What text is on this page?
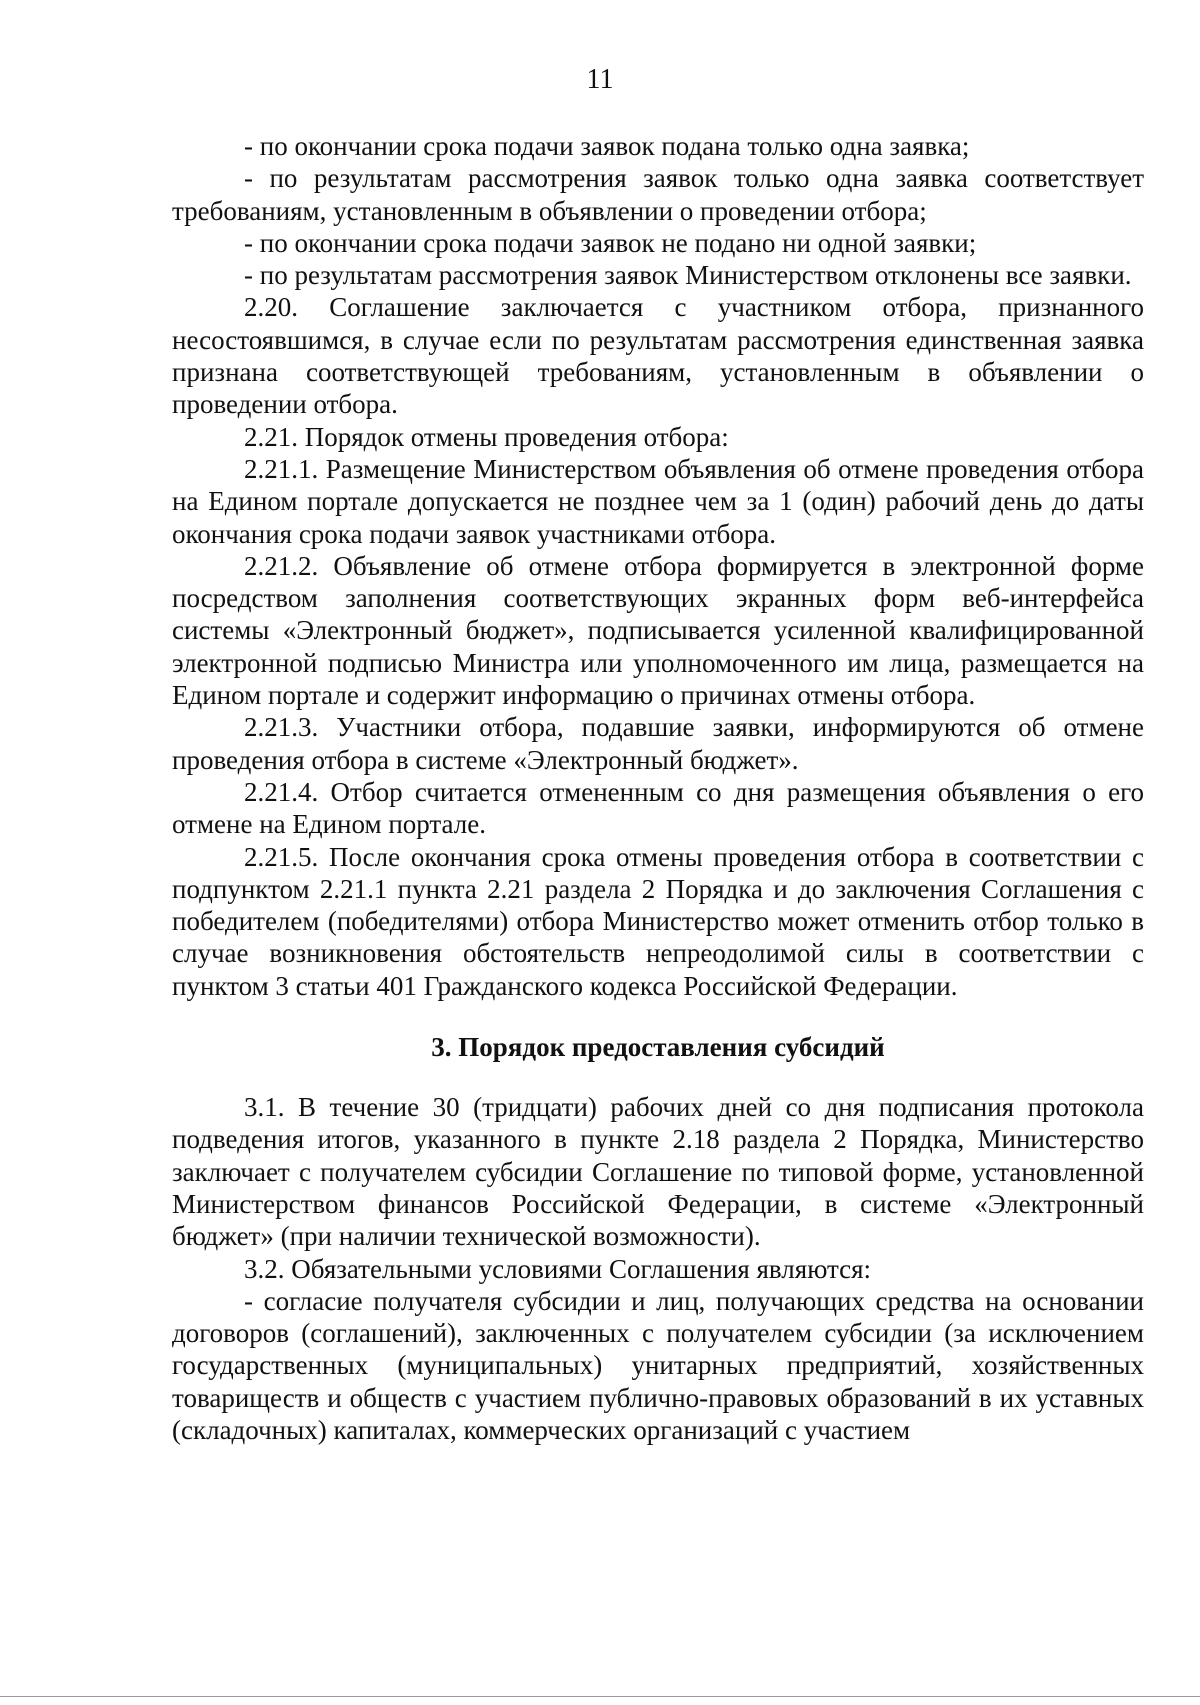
11

- по окончании срока подачи заявок подана только одна заявка;

- по результатам рассмотрения заявок только одна заявка соответствует требованиям, установленным в объявлении о проведении отбора;

- по окончании срока подачи заявок не подано ни одной заявки;

- по результатам рассмотрения заявок Министерством отклонены все заявки.

2.20. Соглашение заключается с участником отбора, признанного несостоявшимся, в случае если по результатам рассмотрения единственная заявка признана соответствующей требованиям, установленным в объявлении о проведении отбора.

2.21. Порядок отмены проведения отбора:

2.21.1. Размещение Министерством объявления об отмене проведения отбора на Едином портале допускается не позднее чем за 1 (один) рабочий день до даты окончания срока подачи заявок участниками отбора.

2.21.2. Объявление об отмене отбора формируется в электронной форме посредством заполнения соответствующих экранных форм веб-интерфейса системы «Электронный бюджет», подписывается усиленной квалифицированной электронной подписью Министра или уполномоченного им лица, размещается на Едином портале и содержит информацию о причинах отмены отбора.

2.21.3. Участники отбора, подавшие заявки, информируются об отмене проведения отбора в системе «Электронный бюджет».

2.21.4. Отбор считается отмененным со дня размещения объявления о его отмене на Едином портале.

2.21.5. После окончания срока отмены проведения отбора в соответствии с подпунктом 2.21.1 пункта 2.21 раздела 2 Порядка и до заключения Соглашения с победителем (победителями) отбора Министерство может отменить отбор только в случае возникновения обстоятельств непреодолимой силы в соответствии с пунктом 3 статьи 401 Гражданского кодекса Российской Федерации.

3. Порядок предоставления субсидий

3.1. В течение 30 (тридцати) рабочих дней со дня подписания протокола подведения итогов, указанного в пункте 2.18 раздела 2 Порядка, Министерство заключает с получателем субсидии Соглашение по типовой форме, установленной Министерством финансов Российской Федерации, в системе «Электронный бюджет» (при наличии технической возможности).

3.2. Обязательными условиями Соглашения являются:

- согласие получателя субсидии и лиц, получающих средства на основании договоров (соглашений), заключенных с получателем субсидии (за исключением государственных (муниципальных) унитарных предприятий, хозяйственных товариществ и обществ с участием публично-правовых образований в их уставных (складочных) капиталах, коммерческих организаций с участием
